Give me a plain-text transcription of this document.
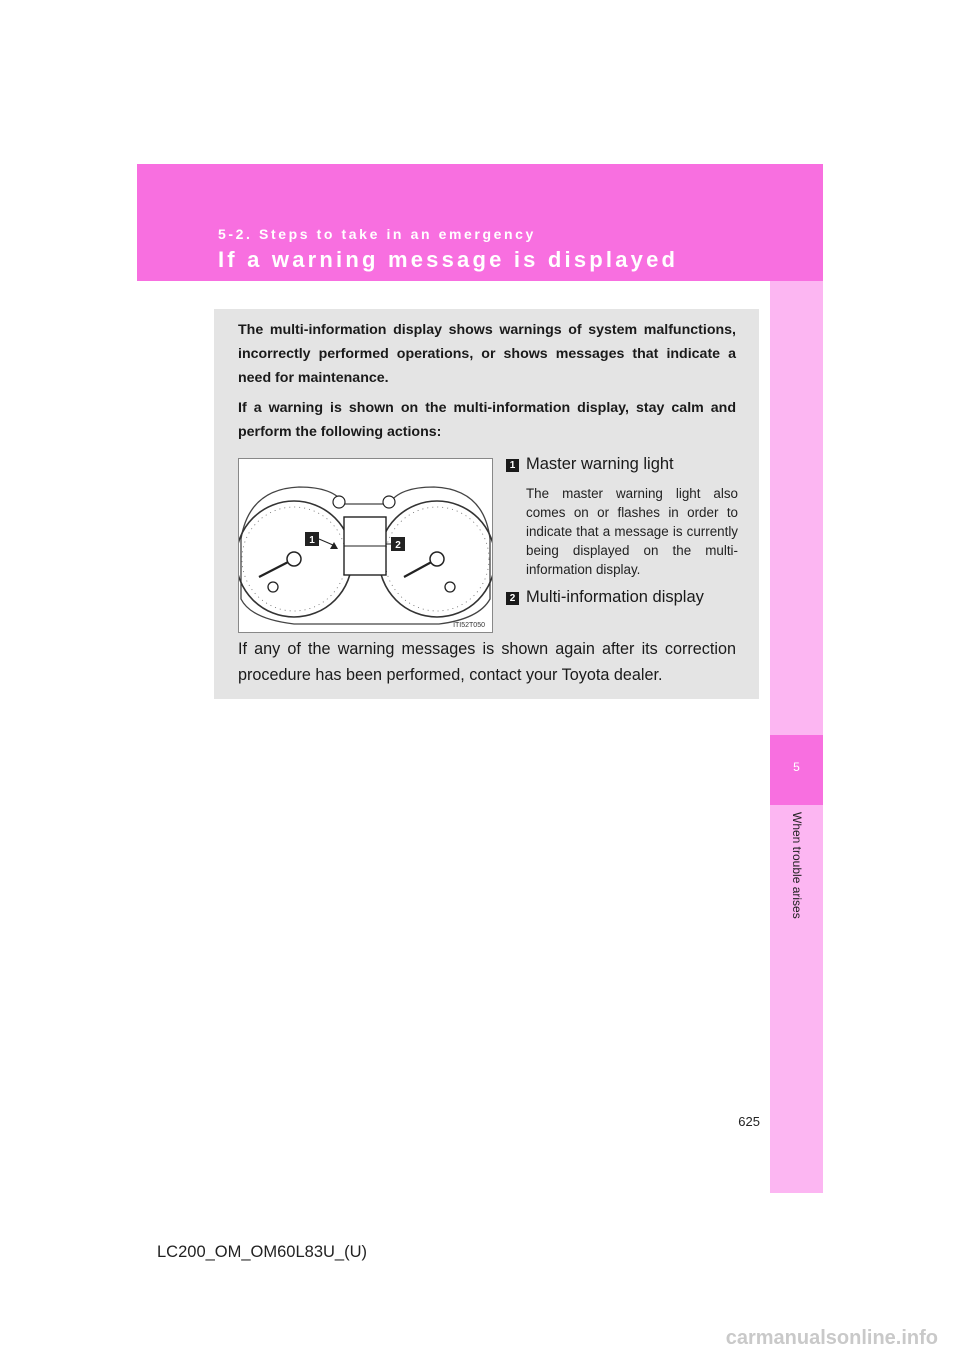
5-2. Steps to take in an emergency
If a warning message is displayed
5
When trouble arises

The multi-information display shows warnings of system malfunctions, incorrectly performed operations, or shows messages that indicate a need for maintenance.

If a warning is shown on the multi-information display, stay calm and perform the following actions:

1	2
ITI52T050
1 Master warning light
The master warning light also comes on or flashes in order to indicate that a message is currently being displayed on the multi-information display.
2 Multi-information display
If any of the warning messages is shown again after its correction procedure has been performed, contact your Toyota dealer.
625
LC200_OM_OM60L83U_(U)
carmanualsonline.info
